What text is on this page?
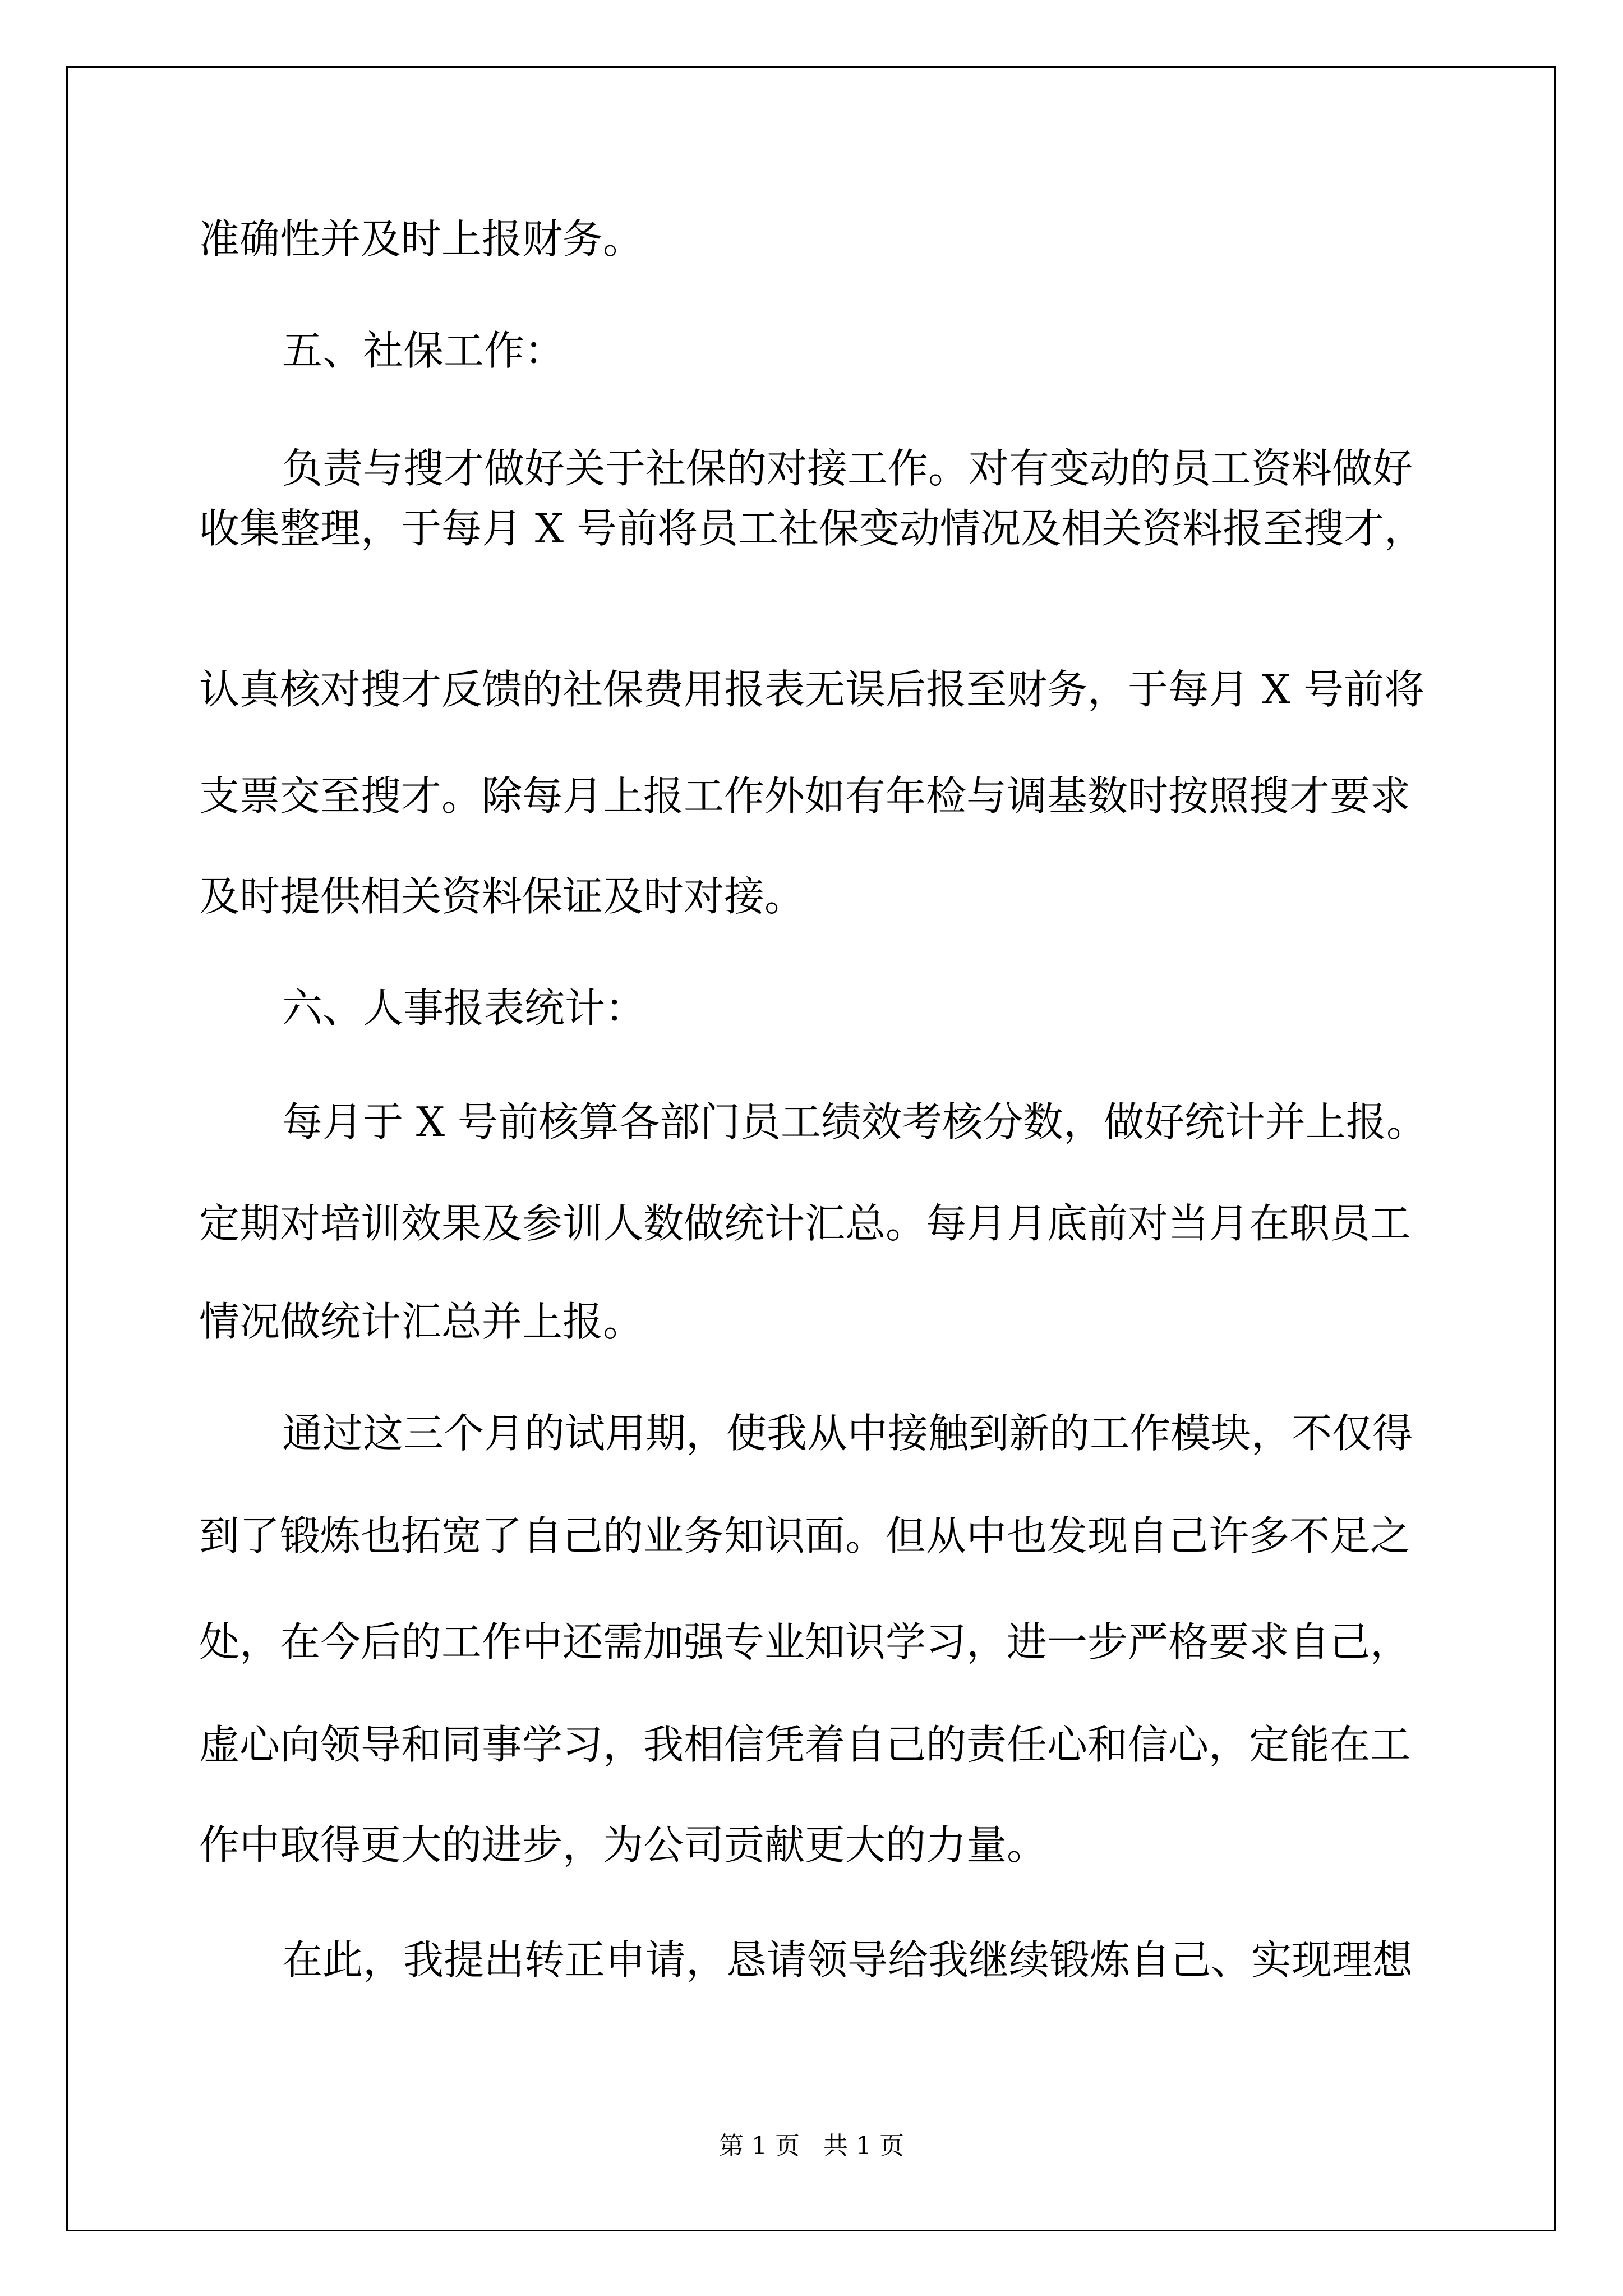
准确性并及时上报财务。
五、社保工作：
负责与搜才做好关于社保的对接工作。对有变动的员工资料做好
收集整理，于每月 X 号前将员工社保变动情况及相关资料报至搜才，
认真核对搜才反馈的社保费用报表无误后报至财务，于每月 X 号前将
支票交至搜才。除每月上报工作外如有年检与调基数时按照搜才要求
及时提供相关资料保证及时对接。
六、人事报表统计：
每月于 X 号前核算各部门员工绩效考核分数，做好统计并上报。
定期对培训效果及参训人数做统计汇总。每月月底前对当月在职员工
情况做统计汇总并上报。
通过这三个月的试用期，使我从中接触到新的工作模块，不仅得
到了锻炼也拓宽了自己的业务知识面。但从中也发现自己许多不足之
处，在今后的工作中还需加强专业知识学习，进一步严格要求自己，
虚心向领导和同事学习，我相信凭着自己的责任心和信心，定能在工
作中取得更大的进步，为公司贡献更大的力量。
在此，我提出转正申请，恳请领导给我继续锻炼自己、实现理想
第 1 页   共 1 页
